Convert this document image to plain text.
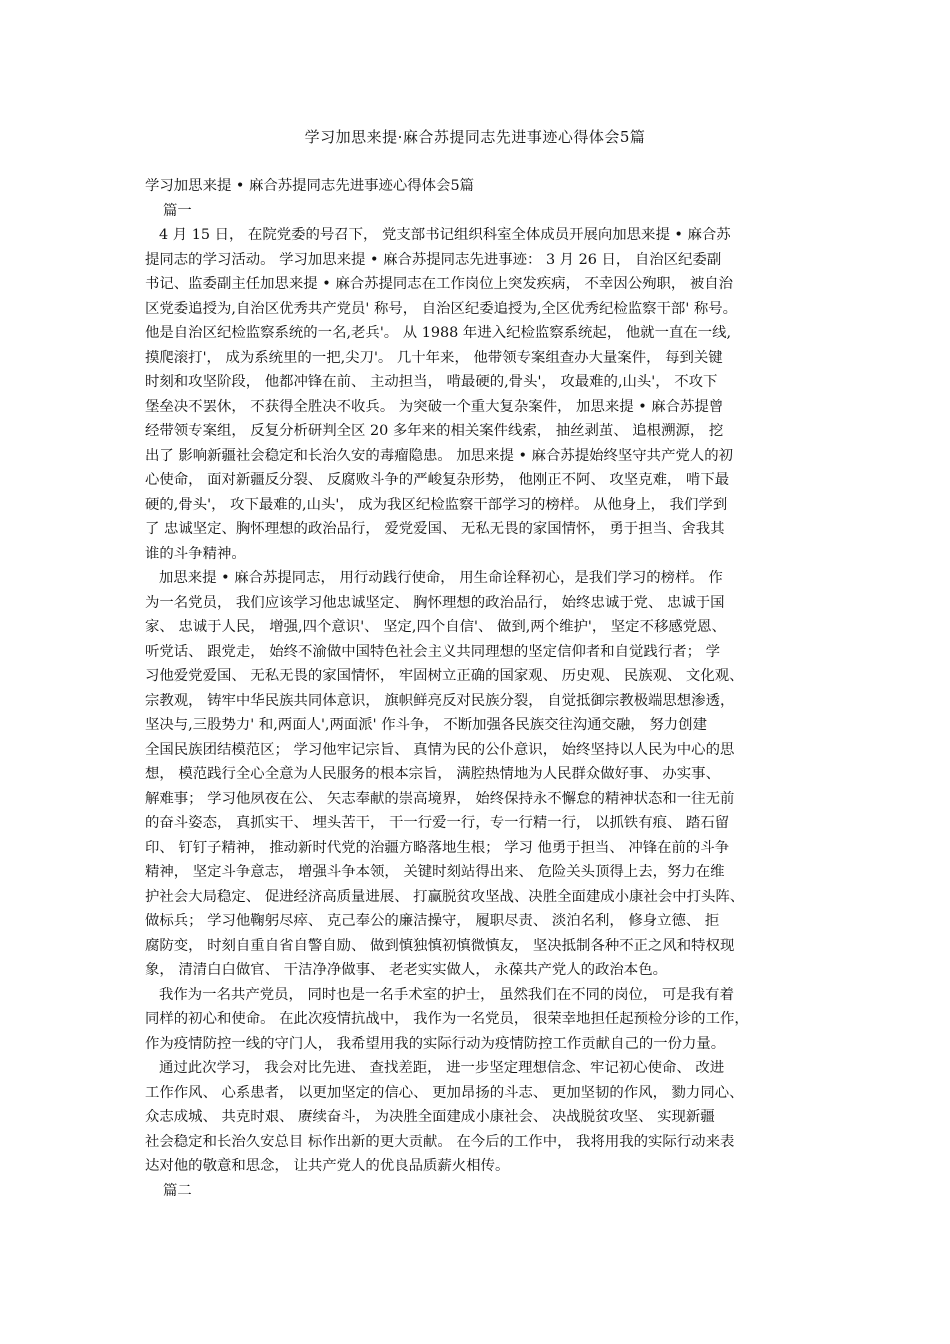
学习加思来提·麻合苏提同志先进事迹心得体会5篇
学习加思来提 • 麻合苏提同志先进事迹心得体会5篇
篇一
4 月 15 日， 在院党委的号召下， 党支部书记组织科室全体成员开展向加思来提 • 麻合苏
提同志的学习活动。 学习加思来提 • 麻合苏提同志先进事迹： 3 月 26 日， 自治区纪委副
书记、监委副主任加思来提 • 麻合苏提同志在工作岗位上突发疾病， 不幸因公殉职， 被自治
区党委追授为,自治区优秀共产党员' 称号， 自治区纪委追授为,全区优秀纪检监察干部' 称号。
他是自治区纪检监察系统的一名,老兵'。 从 1988 年进入纪检监察系统起， 他就一直在一线,
摸爬滚打'， 成为系统里的一把,尖刀'。 几十年来， 他带领专案组查办大量案件， 每到关键
时刻和攻坚阶段， 他都冲锋在前、 主动担当， 啃最硬的,骨头'， 攻最难的,山头'， 不攻下
堡垒决不罢休， 不获得全胜决不收兵。 为突破一个重大复杂案件， 加思来提 • 麻合苏提曾
经带领专案组， 反复分析研判全区 20 多年来的相关案件线索， 抽丝剥茧、 追根溯源， 挖
出了 影响新疆社会稳定和长治久安的毒瘤隐患。 加思来提 • 麻合苏提始终坚守共产党人的初
心使命， 面对新疆反分裂、 反腐败斗争的严峻复杂形势， 他刚正不阿、 攻坚克难， 啃下最
硬的,骨头'， 攻下最难的,山头'， 成为我区纪检监察干部学习的榜样。 从他身上， 我们学到
了 忠诚坚定、胸怀理想的政治品行， 爱党爱国、 无私无畏的家国情怀， 勇于担当、舍我其
谁的斗争精神。
加思来提 • 麻合苏提同志， 用行动践行使命， 用生命诠释初心，是我们学习的榜样。 作
为一名党员， 我们应该学习他忠诚坚定、 胸怀理想的政治品行， 始终忠诚于党、 忠诚于国
家、 忠诚于人民， 增强,四个意识'、 坚定,四个自信'、 做到,两个维护'， 坚定不移感党恩、
听党话、 跟党走， 始终不渝做中国特色社会主义共同理想的坚定信仰者和自觉践行者； 学
习他爱党爱国、 无私无畏的家国情怀， 牢固树立正确的国家观、 历史观、 民族观、 文化观、
宗教观， 铸牢中华民族共同体意识， 旗帜鲜亮反对民族分裂， 自觉抵御宗教极端思想渗透，
坚决与,三股势力' 和,两面人',两面派' 作斗争， 不断加强各民族交往沟通交融， 努力创建
全国民族团结模范区； 学习他牢记宗旨、 真情为民的公仆意识， 始终坚持以人民为中心的思
想， 模范践行全心全意为人民服务的根本宗旨， 满腔热情地为人民群众做好事、 办实事、
解难事； 学习他夙夜在公、 矢志奉献的崇高境界， 始终保持永不懈怠的精神状态和一往无前
的奋斗姿态， 真抓实干、 埋头苦干， 干一行爱一行，专一行精一行， 以抓铁有痕、 踏石留
印、 钉钉子精神， 推动新时代党的治疆方略落地生根； 学习 他勇于担当、 冲锋在前的斗争
精神， 坚定斗争意志， 增强斗争本领， 关键时刻站得出来、 危险关头顶得上去，努力在维
护社会大局稳定、 促进经济高质量进展、 打赢脱贫攻坚战、决胜全面建成小康社会中打头阵、
做标兵； 学习他鞠躬尽瘁、 克己奉公的廉洁操守， 履职尽责、 淡泊名利， 修身立德、 拒
腐防变， 时刻自重自省自警自励、 做到慎独慎初慎微慎友， 坚决抵制各种不正之风和特权现
象， 清清白白做官、 干洁净净做事、 老老实实做人， 永葆共产党人的政治本色。
我作为一名共产党员， 同时也是一名手术室的护士， 虽然我们在不同的岗位， 可是我有着
同样的初心和使命。 在此次疫情抗战中， 我作为一名党员， 很荣幸地担任起预检分诊的工作，
作为疫情防控一线的守门人， 我希望用我的实际行动为疫情防控工作贡献自己的一份力量。
通过此次学习， 我会对比先进、 查找差距， 进一步坚定理想信念、牢记初心使命、 改进
工作作风、 心系患者， 以更加坚定的信心、 更加昂扬的斗志、 更加坚韧的作风， 勠力同心、
众志成城、 共克时艰、 赓续奋斗， 为决胜全面建成小康社会、 决战脱贫攻坚、 实现新疆
社会稳定和长治久安总目 标作出新的更大贡献。 在今后的工作中， 我将用我的实际行动来表
达对他的敬意和思念， 让共产党人的优良品质薪火相传。
篇二
